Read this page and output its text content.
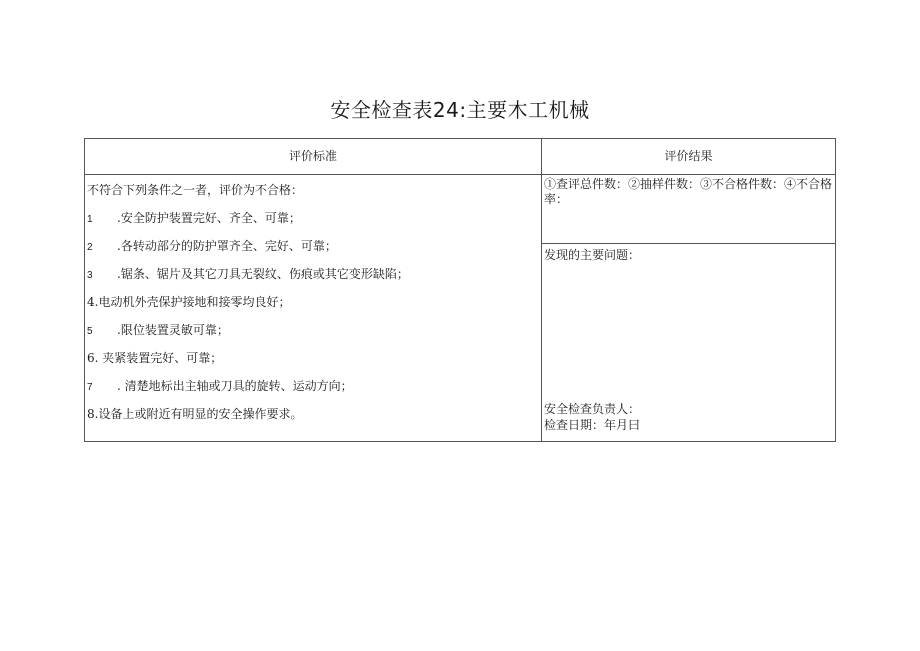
安全检查表24:主要木工机械
评价标准	评价结果
不符合下列条件之一者，评价为不合格：
1 .安全防护装置完好、齐全、可靠；
2 .各转动部分的防护罩齐全、完好、可靠；
3 .锯条、锯片及其它刀具无裂纹、伤痕或其它变形缺陷；
4.电动机外壳保护接地和接零均良好；
5 .限位装置灵敏可靠；
6. 夹紧装置完好、可靠；
7 . 清楚地标出主轴或刀具的旋转、运动方向；
8.设备上或附近有明显的安全操作要求。
①查评总件数：②抽样件数：③不合格件数：④不合格率：
发现的主要问题：
安全检查负责人：
检查日期：年月曰
